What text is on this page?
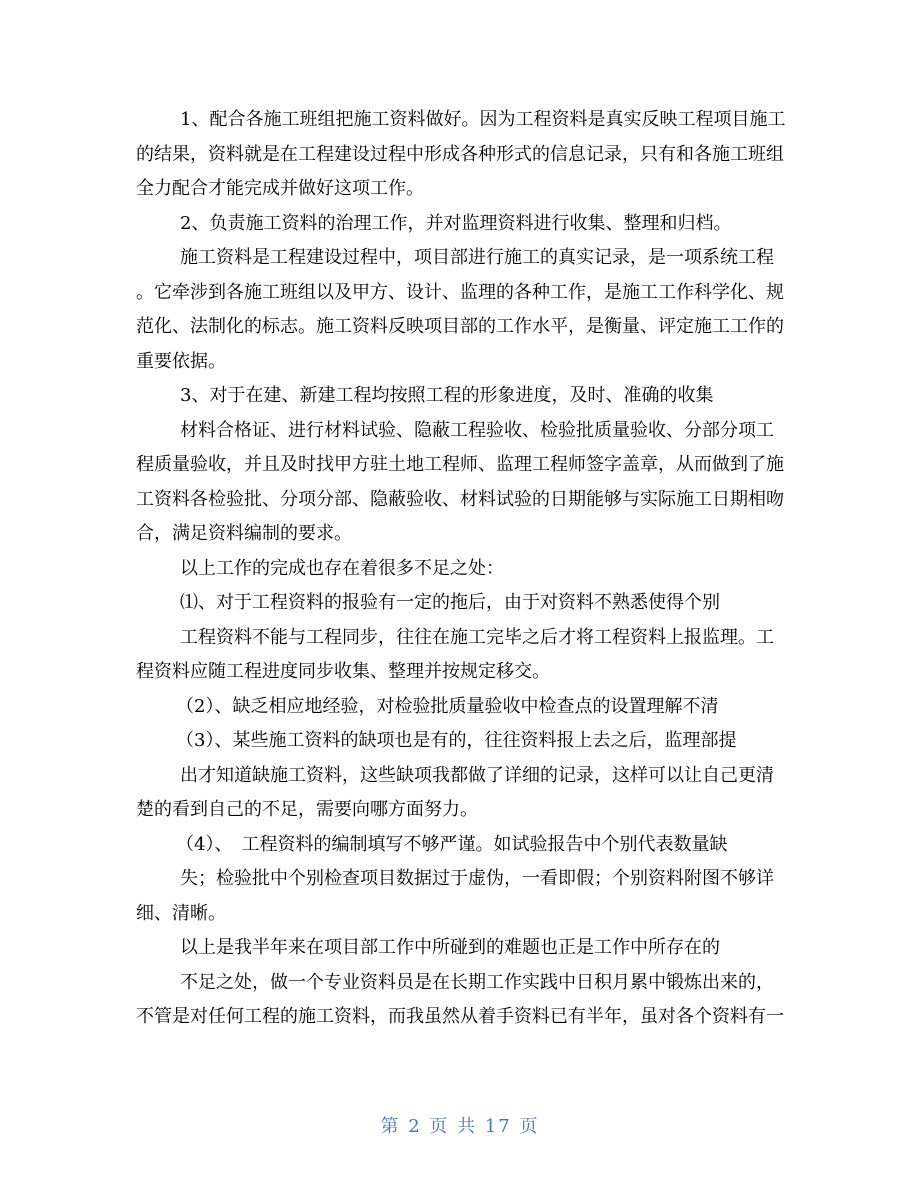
1、配合各施工班组把施工资料做好。因为工程资料是真实反映工程项目施工
的结果，资料就是在工程建设过程中形成各种形式的信息记录，只有和各施工班组
全力配合才能完成并做好这项工作。
2、负责施工资料的治理工作，并对监理资料进行收集、整理和归档。
施工资料是工程建设过程中，项目部进行施工的真实记录，是一项系统工程
。它牵涉到各施工班组以及甲方、设计、监理的各种工作，是施工工作科学化、规
范化、法制化的标志。施工资料反映项目部的工作水平，是衡量、评定施工工作的
重要依据。
3、对于在建、新建工程均按照工程的形象进度，及时、准确的收集
材料合格证、进行材料试验、隐蔽工程验收、检验批质量验收、分部分项工
程质量验收，并且及时找甲方驻土地工程师、监理工程师签字盖章，从而做到了施
工资料各检验批、分项分部、隐蔽验收、材料试验的日期能够与实际施工日期相吻
合，满足资料编制的要求。
以上工作的完成也存在着很多不足之处：
⑴、对于工程资料的报验有一定的拖后，由于对资料不熟悉使得个别
工程资料不能与工程同步，往往在施工完毕之后才将工程资料上报监理。工
程资料应随工程进度同步收集、整理并按规定移交。
（2）、缺乏相应地经验，对检验批质量验收中检查点的设置理解不清
（3）、某些施工资料的缺项也是有的，往往资料报上去之后，监理部提
出才知道缺施工资料，这些缺项我都做了详细的记录，这样可以让自己更清
楚的看到自己的不足，需要向哪方面努力。
（4）、　工程资料的编制填写不够严谨。如试验报告中个别代表数量缺
失；检验批中个别检查项目数据过于虚伪，一看即假；个别资料附图不够详
细、清晰。
以上是我半年来在项目部工作中所碰到的难题也正是工作中所存在的
不足之处，做一个专业资料员是在长期工作实践中日积月累中锻炼出来的，
不管是对任何工程的施工资料，而我虽然从着手资料已有半年，虽对各个资料有一
第 2 页 共 17 页
